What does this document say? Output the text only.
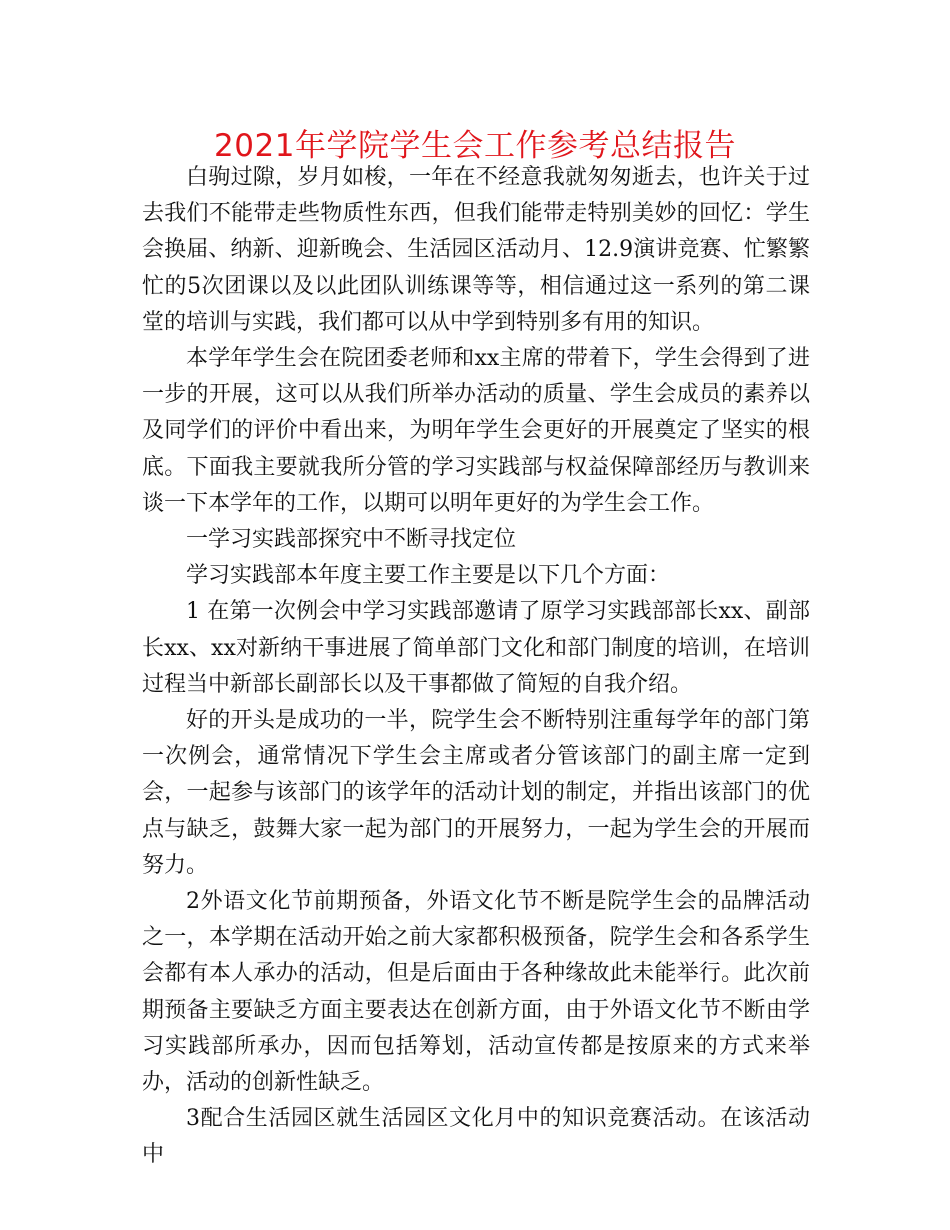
2021年学院学生会工作参考总结报告

白驹过隙，岁月如梭，一年在不经意我就匆匆逝去，也许关于过去我们不能带走些物质性东西，但我们能带走特别美妙的回忆：学生会换届、纳新、迎新晚会、生活园区活动月、12.9演讲竞赛、忙繁繁忙的5次团课以及以此团队训练课等等，相信通过这一系列的第二课堂的培训与实践，我们都可以从中学到特别多有用的知识。

本学年学生会在院团委老师和xx主席的带着下，学生会得到了进一步的开展，这可以从我们所举办活动的质量、学生会成员的素养以及同学们的评价中看出来，为明年学生会更好的开展奠定了坚实的根底。下面我主要就我所分管的学习实践部与权益保障部经历与教训来谈一下本学年的工作，以期可以明年更好的为学生会工作。

一学习实践部探究中不断寻找定位

学习实践部本年度主要工作主要是以下几个方面：

1 在第一次例会中学习实践部邀请了原学习实践部部长xx、副部长xx、xx对新纳干事进展了简单部门文化和部门制度的培训，在培训过程当中新部长副部长以及干事都做了简短的自我介绍。

好的开头是成功的一半，院学生会不断特别注重每学年的部门第一次例会，通常情况下学生会主席或者分管该部门的副主席一定到会，一起参与该部门的该学年的活动计划的制定，并指出该部门的优点与缺乏，鼓舞大家一起为部门的开展努力，一起为学生会的开展而努力。

2外语文化节前期预备，外语文化节不断是院学生会的品牌活动之一，本学期在活动开始之前大家都积极预备，院学生会和各系学生会都有本人承办的活动，但是后面由于各种缘故此未能举行。此次前期预备主要缺乏方面主要表达在创新方面，由于外语文化节不断由学习实践部所承办，因而包括筹划，活动宣传都是按原来的方式来举办，活动的创新性缺乏。

3配合生活园区就生活园区文化月中的知识竞赛活动。在该活动中
